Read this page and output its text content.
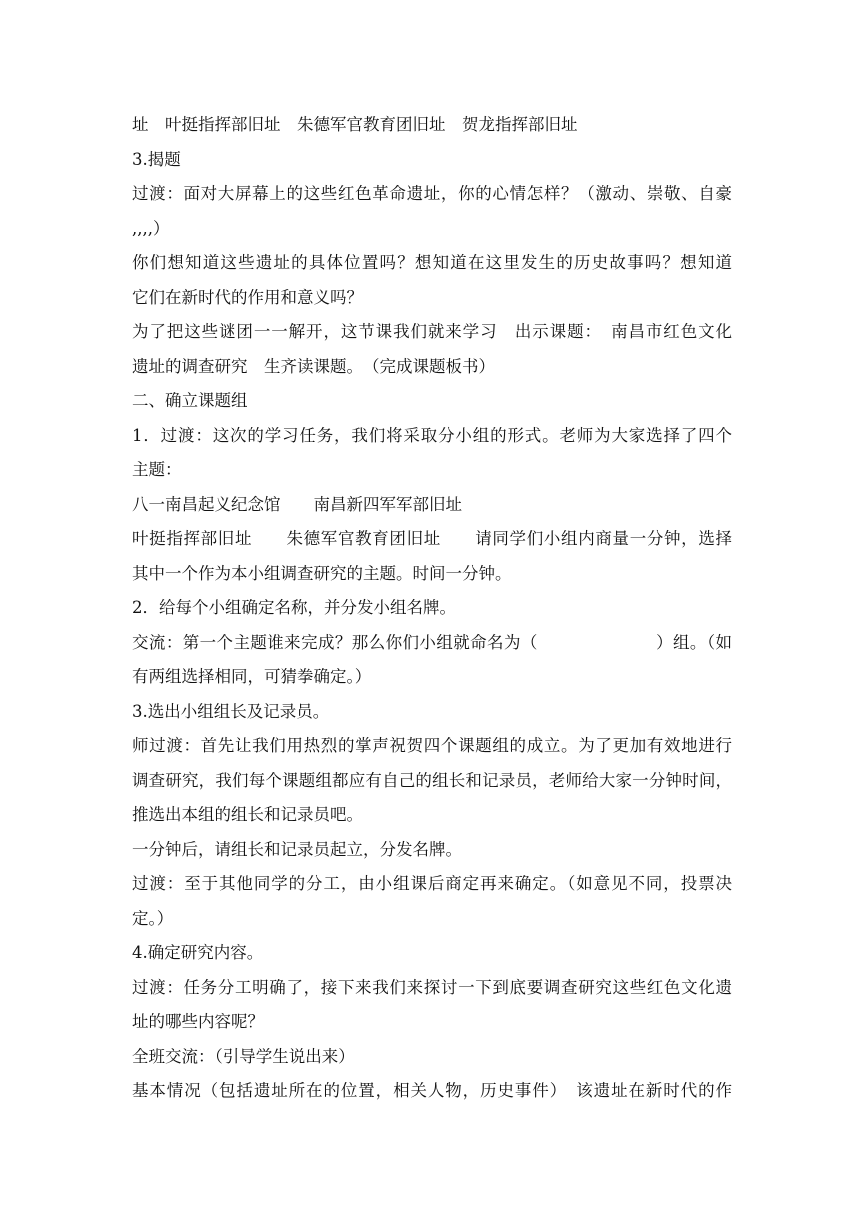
址　叶挺指挥部旧址　朱德军官教育团旧址　贺龙指挥部旧址
3.揭题
过渡：面对大屏幕上的这些红色革命遗址，你的心情怎样？（激动、崇敬、自豪
,,,,）
你们想知道这些遗址的具体位置吗？想知道在这里发生的历史故事吗？想知道
它们在新时代的作用和意义吗？
为了把这些谜团一一解开，这节课我们就来学习　出示课题：　南昌市红色文化
遗址的调查研究　生齐读课题。　（完成课题板书）
二、确立课题组
1．过渡：这次的学习任务，我们将采取分小组的形式。老师为大家选择了四个
主题：
八一南昌起义纪念馆　　南昌新四军军部旧址
叶挺指挥部旧址　　朱德军官教育团旧址　　请同学们小组内商量一分钟，选择
其中一个作为本小组调查研究的主题。时间一分钟。
2．给每个小组确定名称，并分发小组名牌。
交流：第一个主题谁来完成？那么你们小组就命名为（　　　　　　　）组。（如
有两组选择相同，可猜拳确定。）
3.选出小组组长及记录员。
师过渡：首先让我们用热烈的掌声祝贺四个课题组的成立。为了更加有效地进行
调查研究，我们每个课题组都应有自己的组长和记录员，老师给大家一分钟时间，
推选出本组的组长和记录员吧。
一分钟后，请组长和记录员起立，分发名牌。
过渡：至于其他同学的分工，由小组课后商定再来确定。（如意见不同，投票决
定。）
4.确定研究内容。
过渡：任务分工明确了，接下来我们来探讨一下到底要调查研究这些红色文化遗
址的哪些内容呢？
全班交流：（引导学生说出来）
基本情况（包括遗址所在的位置，相关人物，历史事件）　该遗址在新时代的作
